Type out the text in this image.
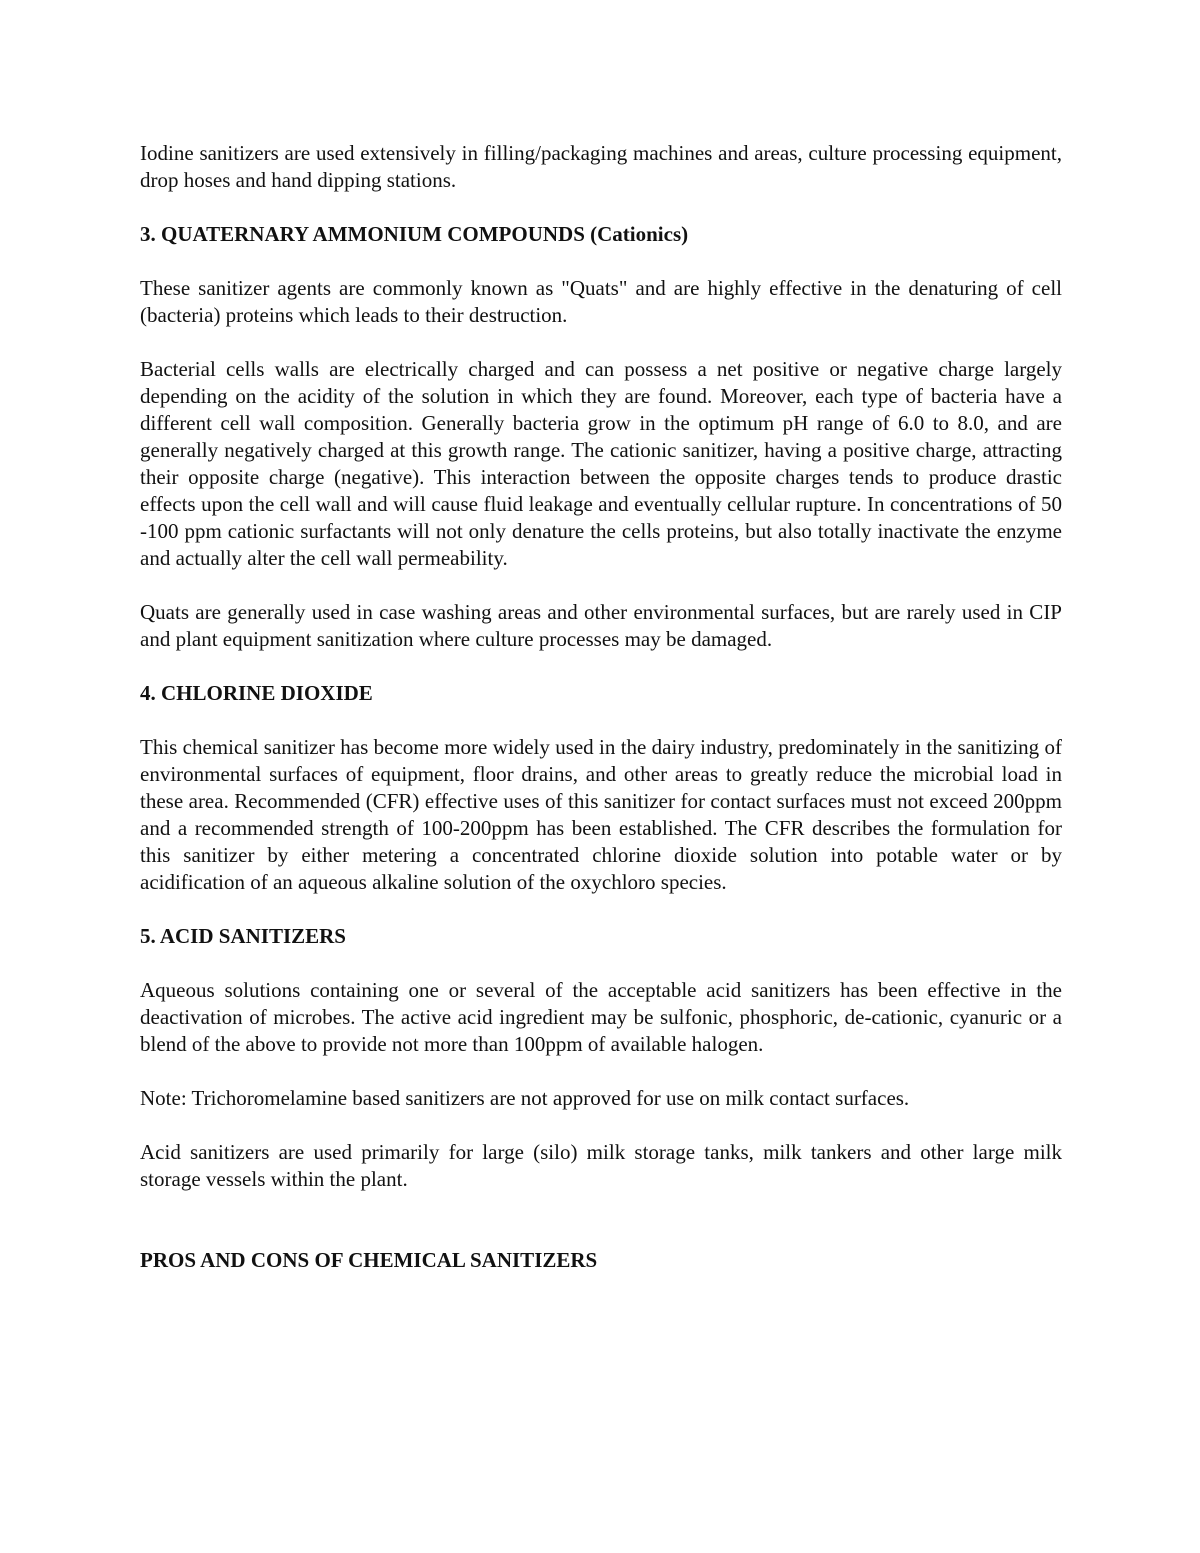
Iodine sanitizers are used extensively in filling/packaging machines and areas, culture processing equipment, drop hoses and hand dipping stations.

3. QUATERNARY AMMONIUM COMPOUNDS (Cationics)

These sanitizer agents are commonly known as "Quats" and are highly effective in the denaturing of cell (bacteria) proteins which leads to their destruction.

Bacterial cells walls are electrically charged and can possess a net positive or negative charge largely depending on the acidity of the solution in which they are found. Moreover, each type of bacteria have a different cell wall composition. Generally bacteria grow in the optimum pH range of 6.0 to 8.0, and are generally negatively charged at this growth range. The cationic sanitizer, having a positive charge, attracting their opposite charge (negative). This interaction between the opposite charges tends to produce drastic effects upon the cell wall and will cause fluid leakage and eventually cellular rupture. In concentrations of 50 -100 ppm cationic surfactants will not only denature the cells proteins, but also totally inactivate the enzyme and actually alter the cell wall permeability.

Quats are generally used in case washing areas and other environmental surfaces, but are rarely used in CIP and plant equipment sanitization where culture processes may be damaged.

4. CHLORINE DIOXIDE

This chemical sanitizer has become more widely used in the dairy industry, predominately in the sanitizing of environmental surfaces of equipment, floor drains, and other areas to greatly reduce the microbial load in these area. Recommended (CFR) effective uses of this sanitizer for contact surfaces must not exceed 200ppm and a recommended strength of 100-200ppm has been established. The CFR describes the formulation for this sanitizer by either metering a concentrated chlorine dioxide solution into potable water or by acidification of an aqueous alkaline solution of the oxychloro species.

5. ACID SANITIZERS

Aqueous solutions containing one or several of the acceptable acid sanitizers has been effective in the deactivation of microbes. The active acid ingredient may be sulfonic, phosphoric, de-cationic, cyanuric or a blend of the above to provide not more than 100ppm of available halogen.

Note: Trichoromelamine based sanitizers are not approved for use on milk contact surfaces.

Acid sanitizers are used primarily for large (silo) milk storage tanks, milk tankers and other large milk storage vessels within the plant.

PROS AND CONS OF CHEMICAL SANITIZERS
